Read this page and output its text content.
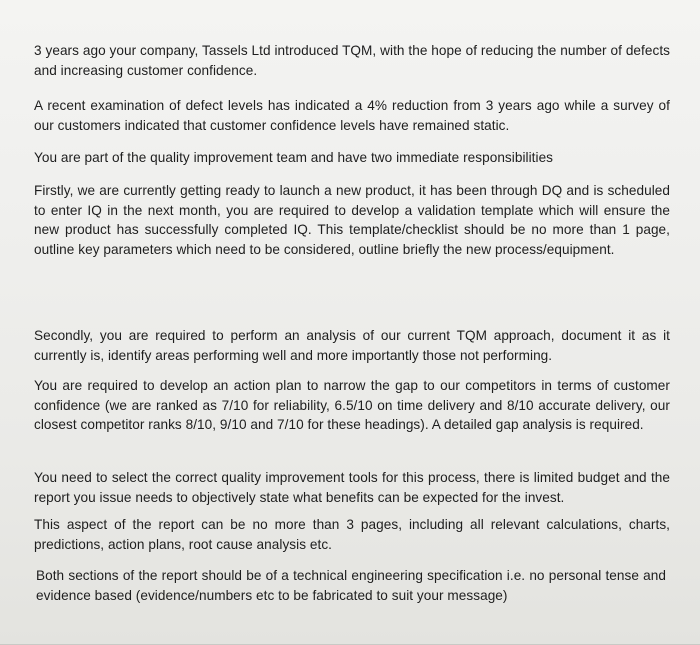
3 years ago your company, Tassels Ltd introduced TQM, with the hope of reducing the number of defects and increasing customer confidence.

A recent examination of defect levels has indicated a 4% reduction from 3 years ago while a survey of our customers indicated that customer confidence levels have remained static.

You are part of the quality improvement team and have two immediate responsibilities

Firstly, we are currently getting ready to launch a new product, it has been through DQ and is scheduled to enter IQ in the next month, you are required to develop a validation template which will ensure the new product has successfully completed IQ. This template/checklist should be no more than 1 page, outline key parameters which need to be considered, outline briefly the new process/equipment.

Secondly, you are required to perform an analysis of our current TQM approach, document it as it currently is, identify areas performing well and more importantly those not performing.

You are required to develop an action plan to narrow the gap to our competitors in terms of customer confidence (we are ranked as 7/10 for reliability, 6.5/10 on time delivery and 8/10 accurate delivery, our closest competitor ranks 8/10, 9/10 and 7/10 for these headings). A detailed gap analysis is required.

You need to select the correct quality improvement tools for this process, there is limited budget and the report you issue needs to objectively state what benefits can be expected for the invest.

This aspect of the report can be no more than 3 pages, including all relevant calculations, charts, predictions, action plans, root cause analysis etc.

Both sections of the report should be of a technical engineering specification i.e. no personal tense and evidence based (evidence/numbers etc to be fabricated to suit your message)
